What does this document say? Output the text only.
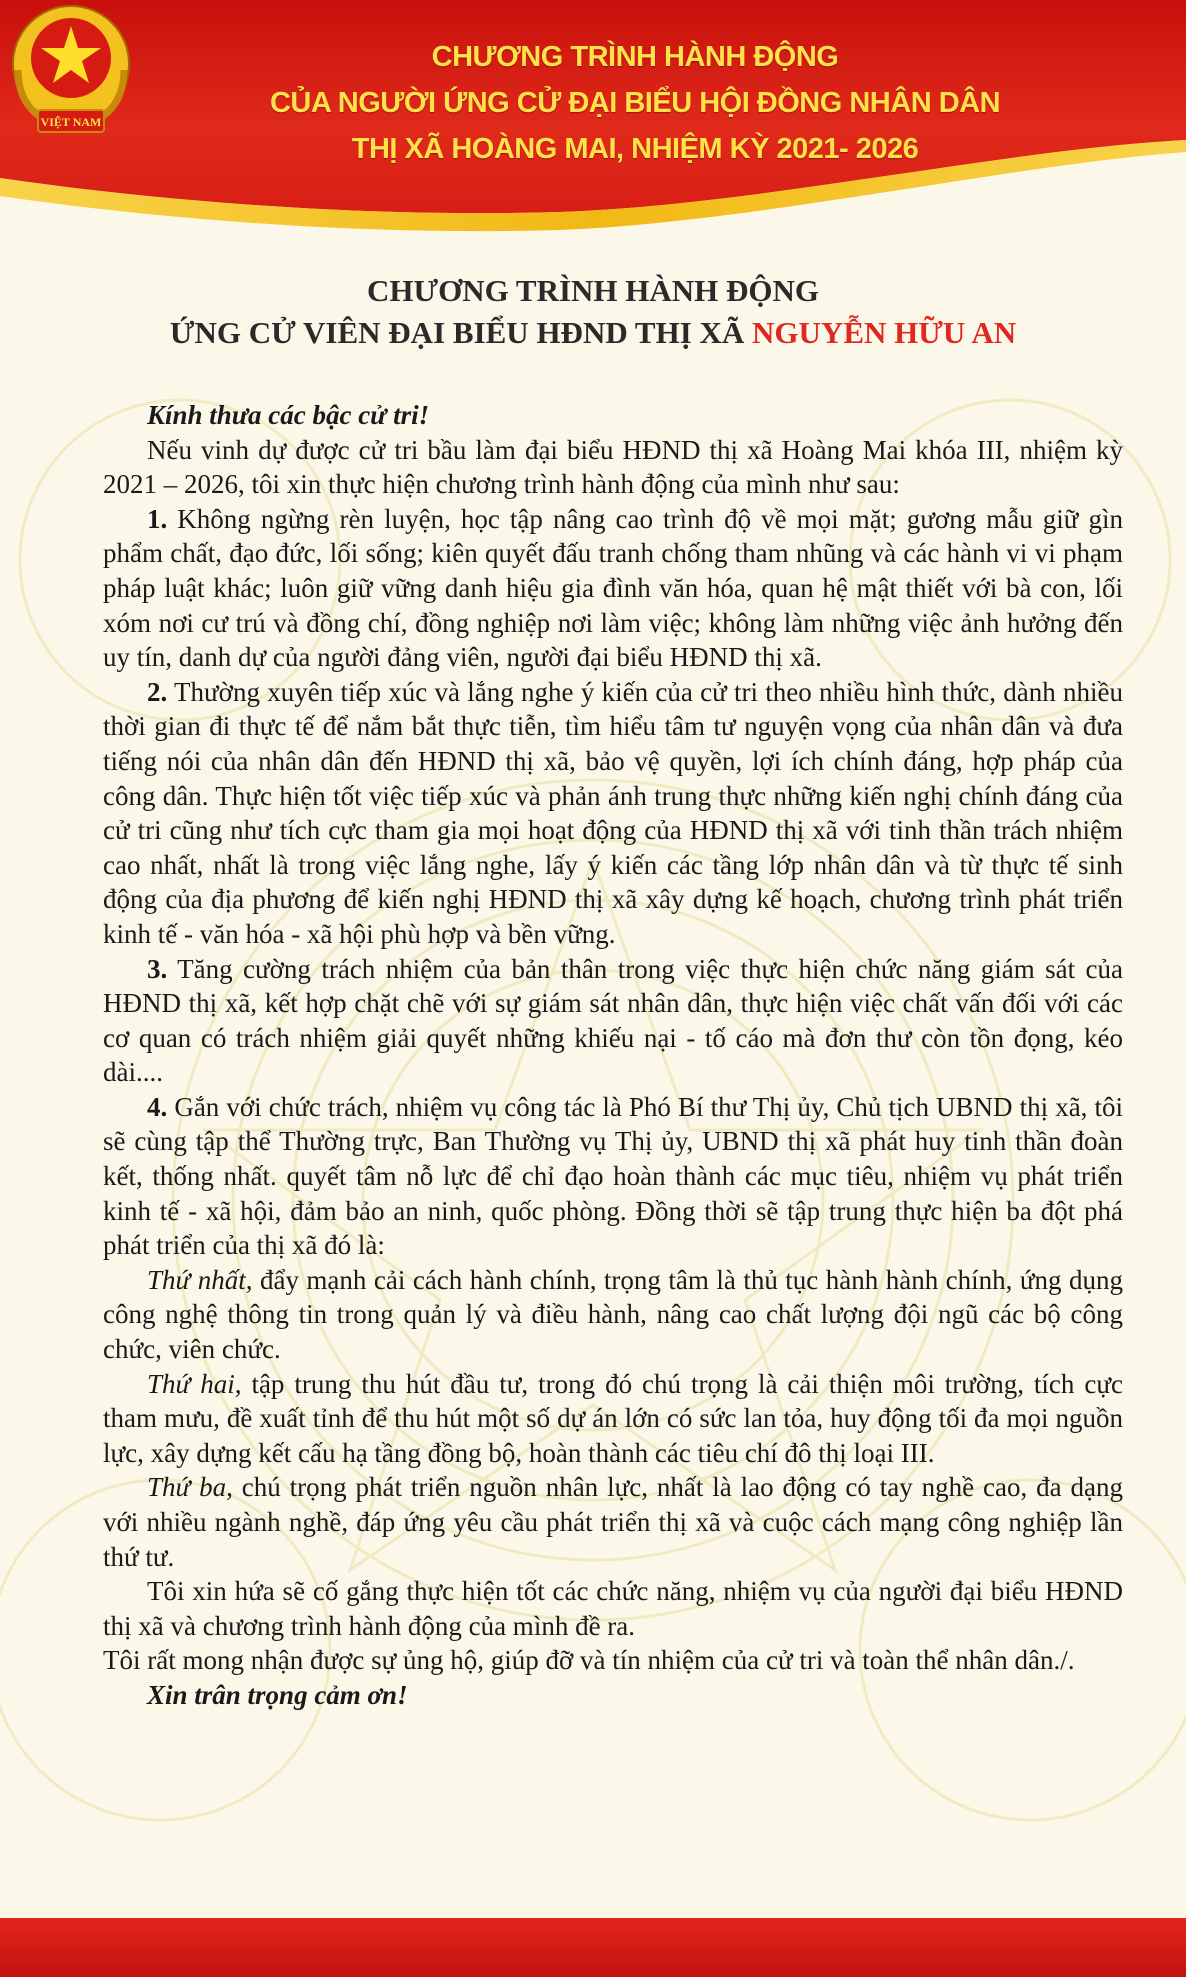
VIỆT NAM
CHƯƠNG TRÌNH HÀNH ĐỘNG
CỦA NGƯỜI ỨNG CỬ ĐẠI BIỂU HỘI ĐỒNG NHÂN DÂN
THỊ XÃ HOÀNG MAI, NHIỆM KỲ 2021- 2026
CHƯƠNG TRÌNH HÀNH ĐỘNG
ỨNG CỬ VIÊN ĐẠI BIỂU HĐND THỊ XÃ NGUYỄN HỮU AN

Kính thưa các bậc cử tri!

Nếu vinh dự được cử tri bầu làm đại biểu HĐND thị xã Hoàng Mai khóa III, nhiệm kỳ 2021 – 2026, tôi xin thực hiện chương trình hành động của mình như sau:

1. Không ngừng rèn luyện, học tập nâng cao trình độ về mọi mặt; gương mẫu giữ gìn phẩm chất, đạo đức, lối sống; kiên quyết đấu tranh chống tham nhũng và các hành vi vi phạm pháp luật khác; luôn giữ vững danh hiệu gia đình văn hóa, quan hệ mật thiết với bà con, lối xóm nơi cư trú và đồng chí, đồng nghiệp nơi làm việc; không làm những việc ảnh hưởng đến uy tín, danh dự của người đảng viên, người đại biểu HĐND thị xã.

2. Thường xuyên tiếp xúc và lắng nghe ý kiến của cử tri theo nhiều hình thức, dành nhiều thời gian đi thực tế để nắm bắt thực tiễn, tìm hiểu tâm tư nguyện vọng của nhân dân và đưa tiếng nói của nhân dân đến HĐND thị xã, bảo vệ quyền, lợi ích chính đáng, hợp pháp của công dân. Thực hiện tốt việc tiếp xúc và phản ánh trung thực những kiến nghị chính đáng của cử tri cũng như tích cực tham gia mọi hoạt động của HĐND thị xã với tinh thần trách nhiệm cao nhất, nhất là trong việc lắng nghe, lấy ý kiến các tầng lớp nhân dân và từ thực tế sinh động của địa phương để kiến nghị HĐND thị xã xây dựng kế hoạch, chương trình phát triển kinh tế - văn hóa - xã hội phù hợp và bền vững.

3. Tăng cường trách nhiệm của bản thân trong việc thực hiện chức năng giám sát của HĐND thị xã, kết hợp chặt chẽ với sự giám sát nhân dân, thực hiện việc chất vấn đối với các cơ quan có trách nhiệm giải quyết những khiếu nại - tố cáo mà đơn thư còn tồn đọng, kéo dài....

4. Gắn với chức trách, nhiệm vụ công tác là Phó Bí thư Thị ủy, Chủ tịch UBND thị xã, tôi sẽ cùng tập thể Thường trực, Ban Thường vụ Thị ủy, UBND thị xã phát huy tinh thần đoàn kết, thống nhất. quyết tâm nỗ lực để chỉ đạo hoàn thành các mục tiêu, nhiệm vụ phát triển kinh tế - xã hội, đảm bảo an ninh, quốc phòng. Đồng thời sẽ tập trung thực hiện ba đột phá phát triển của thị xã đó là:

Thứ nhất, đẩy mạnh cải cách hành chính, trọng tâm là thủ tục hành hành chính, ứng dụng công nghệ thông tin trong quản lý và điều hành, nâng cao chất lượng đội ngũ các bộ công chức, viên chức.

Thứ hai, tập trung thu hút đầu tư, trong đó chú trọng là cải thiện môi trường, tích cực tham mưu, đề xuất tỉnh để thu hút một số dự án lớn có sức lan tỏa, huy động tối đa mọi nguồn lực, xây dựng kết cấu hạ tầng đồng bộ, hoàn thành các tiêu chí đô thị loại III.

Thứ ba, chú trọng phát triển nguồn nhân lực, nhất là lao động có tay nghề cao, đa dạng với nhiều ngành nghề, đáp ứng yêu cầu phát triển thị xã và cuộc cách mạng công nghiệp lần thứ tư.

Tôi xin hứa sẽ cố gắng thực hiện tốt các chức năng, nhiệm vụ của người đại biểu HĐND thị xã và chương trình hành động của mình đề ra.

Tôi rất mong nhận được sự ủng hộ, giúp đỡ và tín nhiệm của cử tri và toàn thể nhân dân./.

Xin trân trọng cảm ơn!
